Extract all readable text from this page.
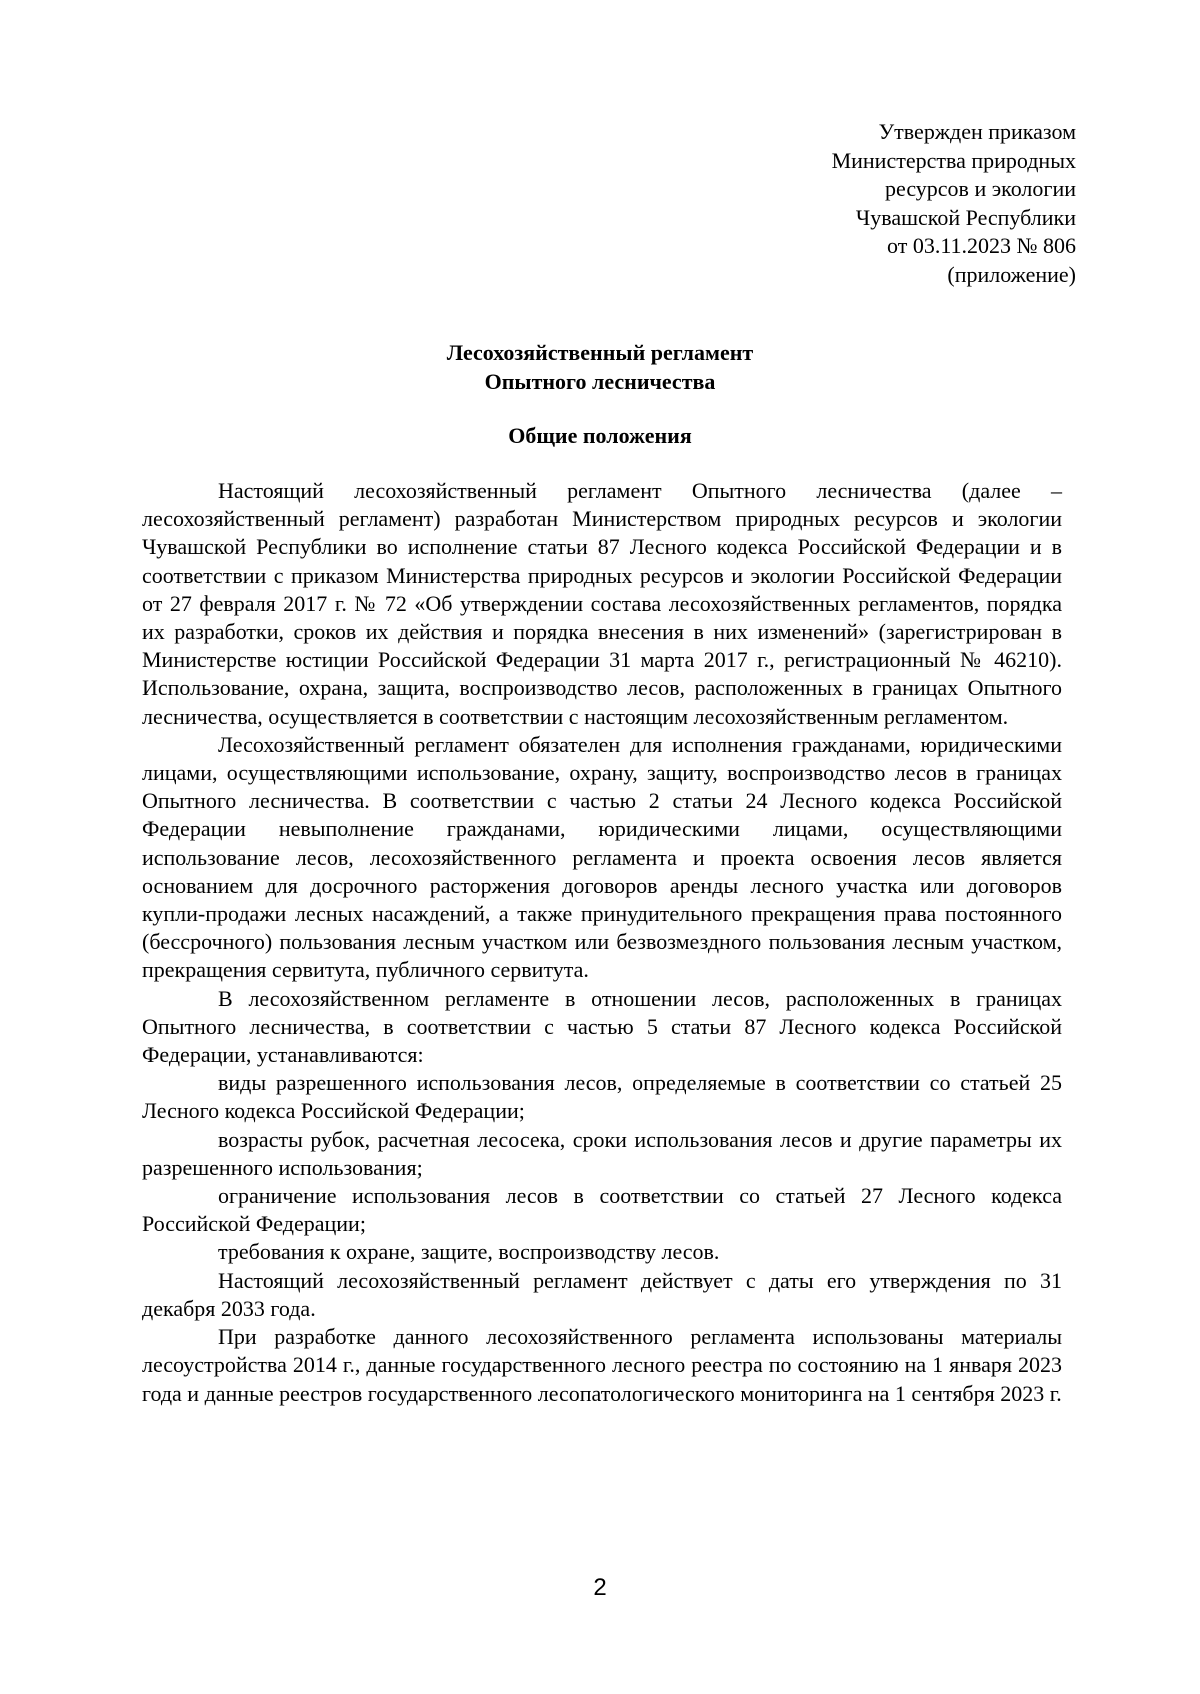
Утвержден приказом
Министерства природных
ресурсов и экологии
Чувашской Республики
от 03.11.2023 № 806
(приложение)
Лесохозяйственный регламент
Опытного лесничества
Общие положения

Настоящий лесохозяйственный регламент Опытного лесничества (далее – лесохозяйственный регламент) разработан Министерством природных ресурсов и экологии Чувашской Республики во исполнение статьи 87 Лесного кодекса Российской Федерации и в соответствии с приказом Министерства природных ресурсов и экологии Российской Федерации от 27 февраля 2017 г. № 72 «Об утверждении состава лесохозяйственных регламентов, порядка их разработки, сроков их действия и порядка внесения в них изменений» (зарегистрирован в Министерстве юстиции Российской Федерации 31 марта 2017 г., регистрационный № 46210). Использование, охрана, защита, воспроизводство лесов, расположенных в границах Опытного лесничества, осуществляется в соответствии с настоящим лесохозяйственным регламентом.

Лесохозяйственный регламент обязателен для исполнения гражданами, юридическими лицами, осуществляющими использование, охрану, защиту, воспроизводство лесов в границах Опытного лесничества. В соответствии с частью 2 статьи 24 Лесного кодекса Российской Федерации невыполнение гражданами, юридическими лицами, осуществляющими использование лесов, лесохозяйственного регламента и проекта освоения лесов является основанием для досрочного расторжения договоров аренды лесного участка или договоров купли-продажи лесных насаждений, а также принудительного прекращения права постоянного (бессрочного) пользования лесным участком или безвозмездного пользования лесным участком, прекращения сервитута, публичного сервитута.

В лесохозяйственном регламенте в отношении лесов, расположенных в границах Опытного лесничества, в соответствии с частью 5 статьи 87 Лесного кодекса Российской Федерации, устанавливаются:

виды разрешенного использования лесов, определяемые в соответствии со статьей 25 Лесного кодекса Российской Федерации;

возрасты рубок, расчетная лесосека, сроки использования лесов и другие параметры их разрешенного использования;

ограничение использования лесов в соответствии со статьей 27 Лесного кодекса Российской Федерации;

требования к охране, защите, воспроизводству лесов.

Настоящий лесохозяйственный регламент действует с даты его утверждения по 31 декабря 2033 года.

При разработке данного лесохозяйственного регламента использованы материалы лесоустройства 2014 г., данные государственного лесного реестра по состоянию на 1 января 2023 года и данные реестров государственного лесопатологического мониторинга на 1 сентября 2023 г.

2
